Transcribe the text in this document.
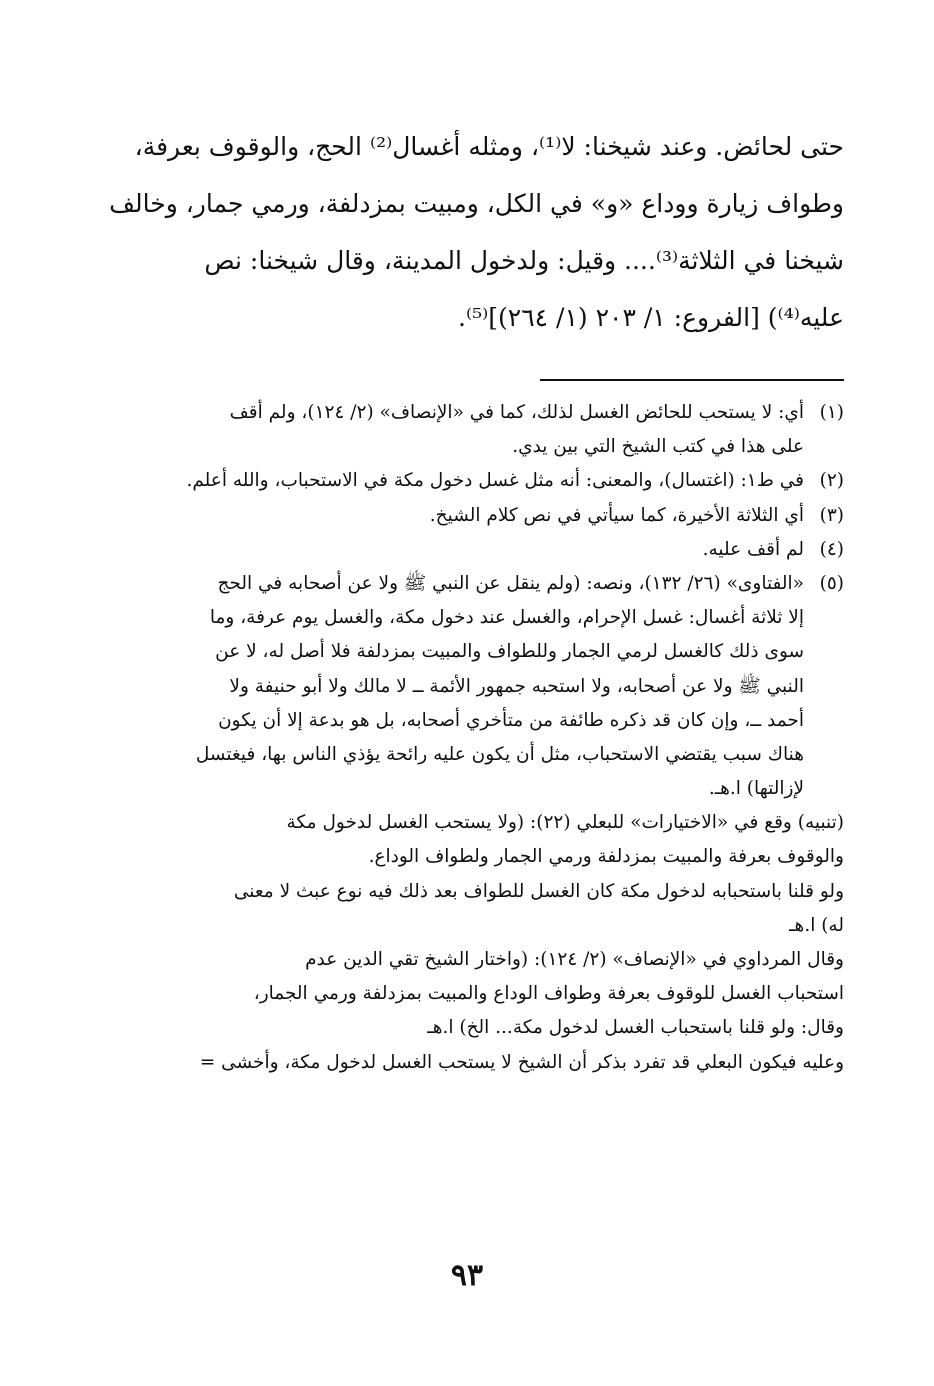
حتى لحائض. وعند شيخنا: لا⁽¹⁾، ومثله أغسال⁽²⁾ الحج، والوقوف بعرفة،
وطواف زيارة ووداع «و» في الكل، ومبيت بمزدلفة، ورمي جمار، وخالف
شيخنا في الثلاثة⁽³⁾.... وقيل: ولدخول المدينة، وقال شيخنا: نص
عليه⁽⁴⁾) [الفروع: ١/ ٢٠٣ (١/ ٢٦٤)]⁽⁵⁾.
(١)أي: لا يستحب للحائض الغسل لذلك، كما في «الإنصاف» (٢/ ١٢٤)، ولم أقف
على هذا في كتب الشيخ التي بين يدي.
(٢)في ط١: (اغتسال)، والمعنى: أنه مثل غسل دخول مكة في الاستحباب، والله أعلم.
(٣)أي الثلاثة الأخيرة، كما سيأتي في نص كلام الشيخ.
(٤)لم أقف عليه.
(٥)«الفتاوى» (٢٦/ ١٣٢)، ونصه: (ولم ينقل عن النبي ﷺ ولا عن أصحابه في الحج
إلا ثلاثة أغسال: غسل الإحرام، والغسل عند دخول مكة، والغسل يوم عرفة، وما
سوى ذلك كالغسل لرمي الجمار وللطواف والمبيت بمزدلفة فلا أصل له، لا عن
النبي ﷺ ولا عن أصحابه، ولا استحبه جمهور الأئمة ــ لا مالك ولا أبو حنيفة ولا
أحمد ــ، وإن كان قد ذكره طائفة من متأخري أصحابه، بل هو بدعة إلا أن يكون
هناك سبب يقتضي الاستحباب، مثل أن يكون عليه رائحة يؤذي الناس بها، فيغتسل
لإزالتها) ا.هـ.
(تنبيه) وقع في «الاختيارات» للبعلي (٢٢): (ولا يستحب الغسل لدخول مكة
والوقوف بعرفة والمبيت بمزدلفة ورمي الجمار ولطواف الوداع.
ولو قلنا باستحبابه لدخول مكة كان الغسل للطواف بعد ذلك فيه نوع عبث لا معنى
له) ا.هـ
وقال المرداوي في «الإنصاف» (٢/ ١٢٤): (واختار الشيخ تقي الدين عدم
استحباب الغسل للوقوف بعرفة وطواف الوداع والمبيت بمزدلفة ورمي الجمار،
وقال: ولو قلنا باستحباب الغسل لدخول مكة... الخ) ا.هـ
وعليه فيكون البعلي قد تفرد بذكر أن الشيخ لا يستحب الغسل لدخول مكة، وأخشى =
٩٣
